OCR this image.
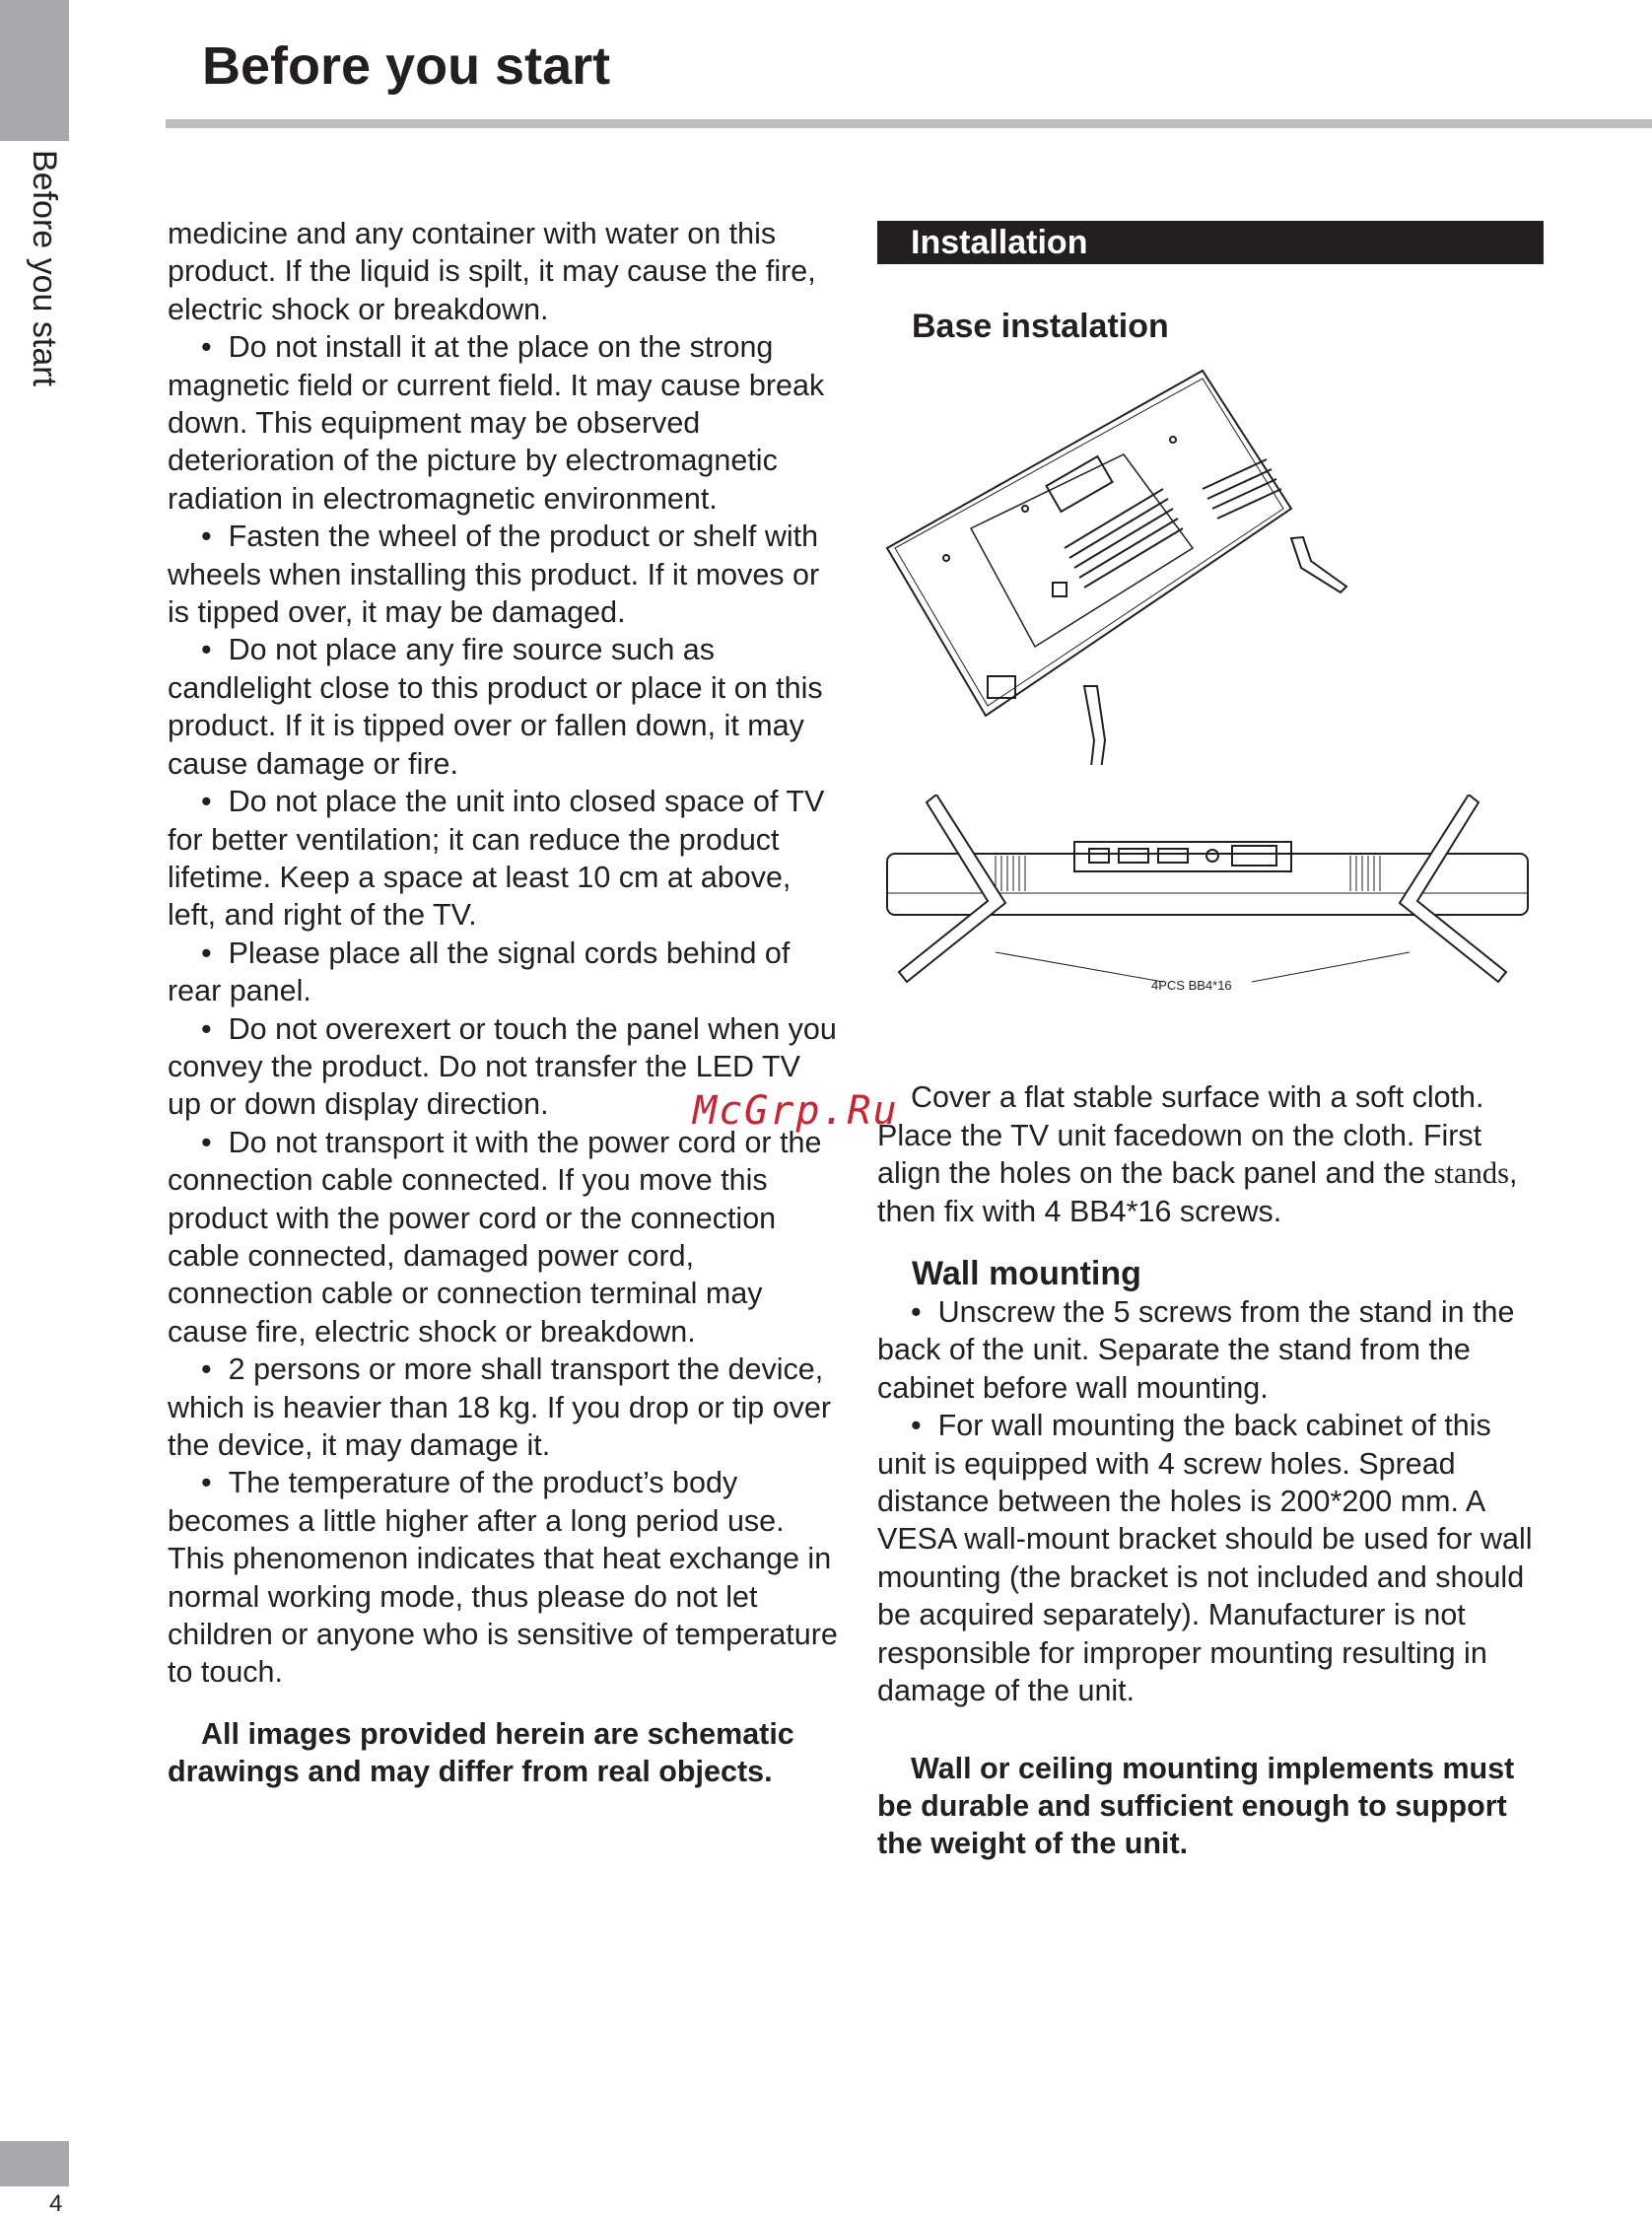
Before you start
Before you start

medicine and any container with water on this product. If the liquid is spilt, it may cause the fire, electric shock or breakdown.

•  Do not install it at the place on the strong magnetic field or current field. It may cause break down. This equipment may be observed deterioration of the picture by electromagnetic radiation in electromagnetic environment.

•  Fasten the wheel of the product or shelf with wheels when installing this product. If it moves or is tipped over, it may be damaged.

•  Do not place any fire source such as candlelight close to this product or place it on this product. If it is tipped over or fallen down, it may cause damage or fire.

•  Do not place the unit into closed space of TV for better ventilation; it can reduce the product lifetime. Keep a space at least 10 cm at above, left, and right of the TV.

•  Please place all the signal cords behind of rear panel.

•  Do not overexert or touch the panel when you convey the product. Do not transfer the LED TV up or down display direction.

•  Do not transport it with the power cord or the connection cable connected. If you move this product with the power cord or the connection cable connected, damaged power cord, connection cable or connection terminal may cause fire, electric shock or breakdown.

•  2 persons or more shall transport the device, which is heavier than 18 kg. If you drop or tip over the device, it may damage it.

•  The temperature of the product’s body becomes a little higher after a long period use. This phenomenon indicates that heat exchange in normal working mode, thus please do not let children or anyone who is sensitive of temperature to touch.

All images provided herein are schematic drawings and may differ from real objects.

Installation

Base instalation

4PCS BB4*16

Cover a flat stable surface with a soft cloth. Place the TV unit facedown on the cloth. First align the holes on the back panel and the stands, then fix with 4 BB4*16 screws.

Wall mounting

•  Unscrew the 5 screws from the stand in the back of the unit. Separate the stand from the cabinet before wall mounting.

•  For wall mounting the back cabinet of this unit is equipped with 4 screw holes. Spread distance between the holes is 200*200 mm. A VESA wall-mount bracket should be used for wall mounting (the bracket is not included and should be acquired separately). Manufacturer is not responsible for improper mounting resulting in damage of the unit.

Wall or ceiling mounting implements must be durable and sufficient enough to support the weight of the unit.

McGrp.Ru
4
